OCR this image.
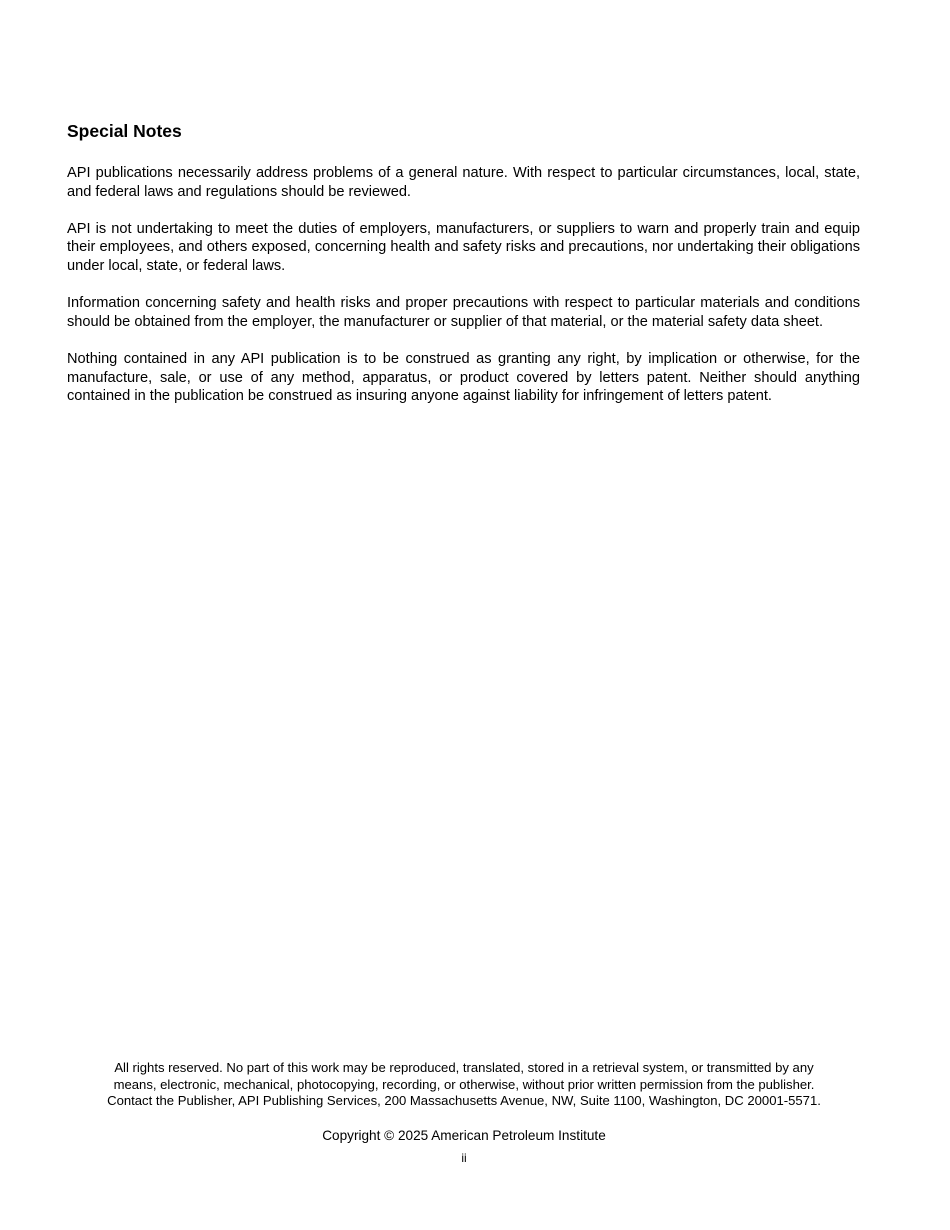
Special Notes

API publications necessarily address problems of a general nature. With respect to particular circumstances, local, state, and federal laws and regulations should be reviewed.

API is not undertaking to meet the duties of employers, manufacturers, or suppliers to warn and properly train and equip their employees, and others exposed, concerning health and safety risks and precautions, nor undertaking their obligations under local, state, or federal laws.

Information concerning safety and health risks and proper precautions with respect to particular materials and conditions should be obtained from the employer, the manufacturer or supplier of that material, or the material safety data sheet.

Nothing contained in any API publication is to be construed as granting any right, by implication or otherwise, for the manufacture, sale, or use of any method, apparatus, or product covered by letters patent. Neither should anything contained in the publication be construed as insuring anyone against liability for infringement of letters patent.

All rights reserved. No part of this work may be reproduced, translated, stored in a retrieval system, or transmitted by any
means, electronic, mechanical, photocopying, recording, or otherwise, without prior written permission from the publisher.
Contact the Publisher, API Publishing Services, 200 Massachusetts Avenue, NW, Suite 1100, Washington, DC 20001-5571.

Copyright © 2025 American Petroleum Institute

ii
